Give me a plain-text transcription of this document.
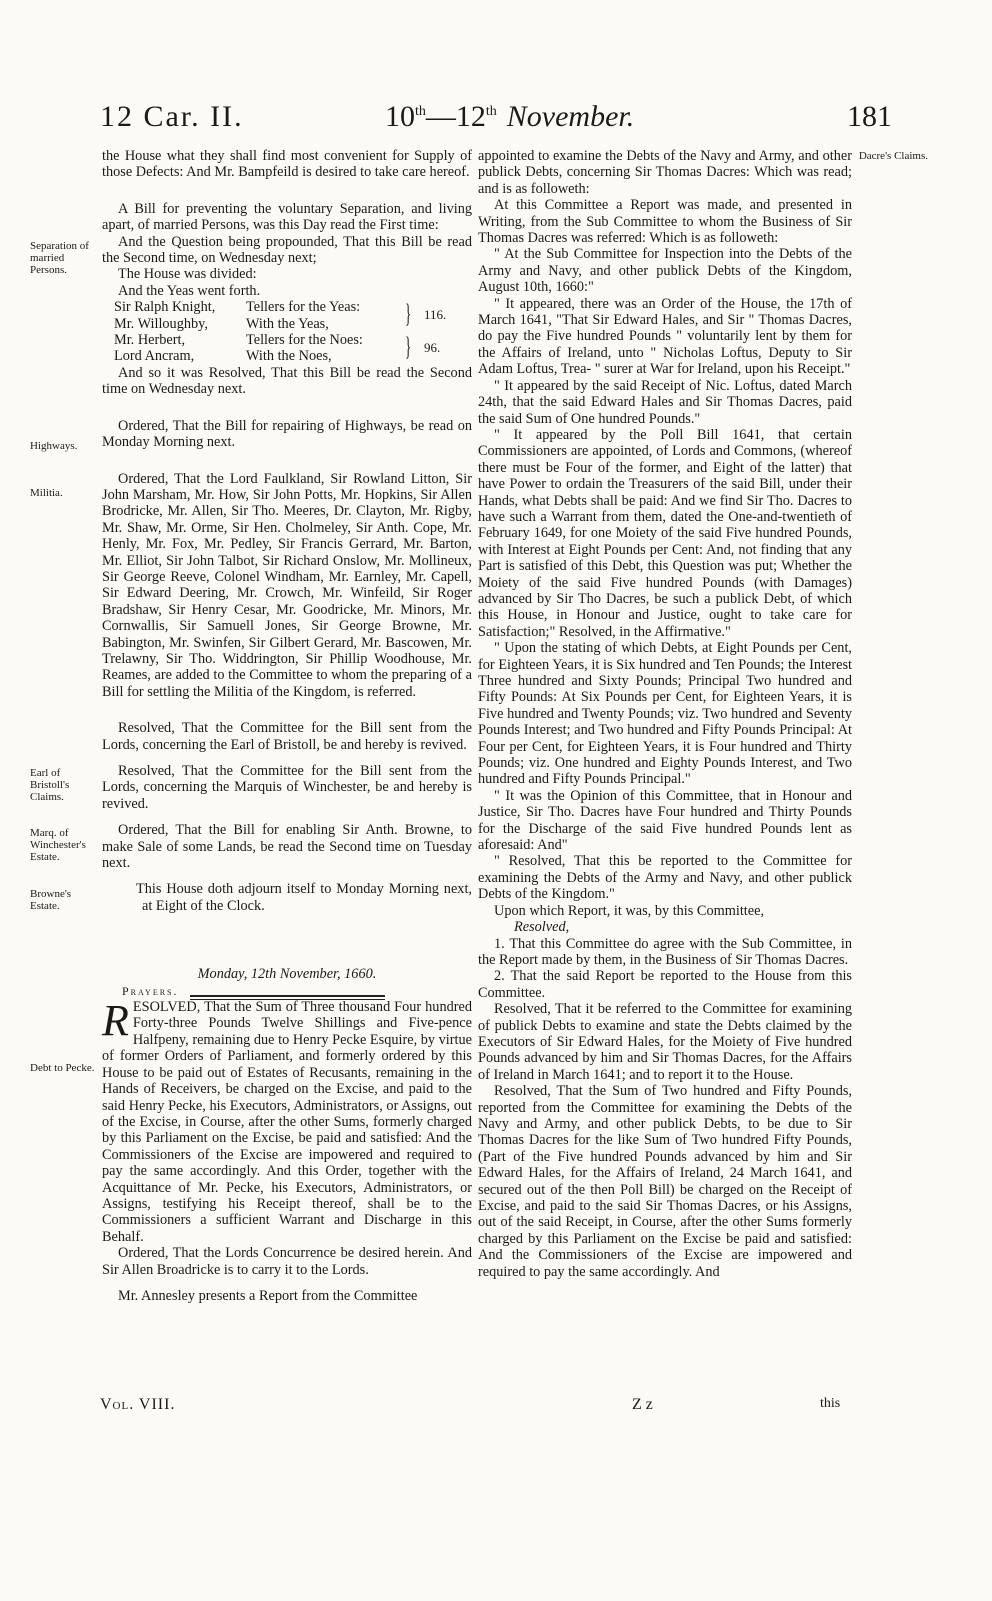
12 Car. II.	10th—12th November.	181
Separation of married Persons.
Highways.
Militia.
Earl of Bristoll's Claims.
Marq. of Winchester's Estate.
Browne's Estate.
Debt to Pecke.
Dacre's Claims.

the House what they shall find most convenient for Supply of those Defects: And Mr. Bampfeild is desired to take care hereof.

A Bill for preventing the voluntary Separation, and living apart, of married Persons, was this Day read the First time:

And the Question being propounded, That this Bill be read the Second time, on Wednesday next;

The House was divided:

And the Yeas went forth.

Sir Ralph Knight,	Tellers for the Yeas:	} 116.
Mr. Willoughby,	With the Yeas,
Mr. Herbert,	Tellers for the Noes:	} 96.
Lord Ancram,	With the Noes,

And so it was Resolved, That this Bill be read the Second time on Wednesday next.

Ordered, That the Bill for repairing of Highways, be read on Monday Morning next.

Ordered, That the Lord Faulkland, Sir Rowland Litton, Sir John Marsham, Mr. How, Sir John Potts, Mr. Hopkins, Sir Allen Brodricke, Mr. Allen, Sir Tho. Meeres, Dr. Clayton, Mr. Rigby, Mr. Shaw, Mr. Orme, Sir Hen. Cholmeley, Sir Anth. Cope, Mr. Henly, Mr. Fox, Mr. Pedley, Sir Francis Gerrard, Mr. Barton, Mr. Elliot, Sir John Talbot, Sir Richard Onslow, Mr. Mollineux, Sir George Reeve, Colonel Windham, Mr. Earnley, Mr. Capell, Sir Edward Deering, Mr. Crowch, Mr. Winfeild, Sir Roger Bradshaw, Sir Henry Cesar, Mr. Goodricke, Mr. Minors, Mr. Cornwallis, Sir Samuell Jones, Sir George Browne, Mr. Babington, Mr. Swinfen, Sir Gilbert Gerard, Mr. Bascowen, Mr. Trelawny, Sir Tho. Widdrington, Sir Phillip Woodhouse, Mr. Reames, are added to the Committee to whom the preparing of a Bill for settling the Militia of the Kingdom, is referred.

Resolved, That the Committee for the Bill sent from the Lords, concerning the Earl of Bristoll, be and hereby is revived.

Resolved, That the Committee for the Bill sent from the Lords, concerning the Marquis of Winchester, be and hereby is revived.

Ordered, That the Bill for enabling Sir Anth. Browne, to make Sale of some Lands, be read the Second time on Tuesday next.

This House doth adjourn itself to Monday Morning next, at Eight of the Clock.

Monday, 12th November, 1660.

Prayers.

RESOLVED, That the Sum of Three thousand Four hundred Forty-three Pounds Twelve Shillings and Five-pence Halfpeny, remaining due to Henry Pecke Esquire, by virtue of former Orders of Parliament, and formerly ordered by this House to be paid out of Estates of Recusants, remaining in the Hands of Receivers, be charged on the Excise, and paid to the said Henry Pecke, his Executors, Administrators, or Assigns, out of the Excise, in Course, after the other Sums, formerly charged by this Parliament on the Excise, be paid and satisfied: And the Commissioners of the Excise are impowered and required to pay the same accordingly. And this Order, together with the Acquittance of Mr. Pecke, his Executors, Administrators, or Assigns, testifying his Receipt thereof, shall be to the Commissioners a sufficient Warrant and Discharge in this Behalf.

Ordered, That the Lords Concurrence be desired herein. And Sir Allen Broadricke is to carry it to the Lords.

Mr. Annesley presents a Report from the Committee

appointed to examine the Debts of the Navy and Army, and other publick Debts, concerning Sir Thomas Dacres: Which was read; and is as followeth:

At this Committee a Report was made, and presented in Writing, from the Sub Committee to whom the Business of Sir Thomas Dacres was referred: Which is as followeth:

" At the Sub Committee for Inspection into the Debts of the Army and Navy, and other publick Debts of the Kingdom, August 10th, 1660:"

" It appeared, there was an Order of the House, the 17th of March 1641, "That Sir Edward Hales, and Sir " Thomas Dacres, do pay the Five hundred Pounds " voluntarily lent by them for the Affairs of Ireland, unto " Nicholas Loftus, Deputy to Sir Adam Loftus, Trea- " surer at War for Ireland, upon his Receipt."

" It appeared by the said Receipt of Nic. Loftus, dated March 24th, that the said Edward Hales and Sir Thomas Dacres, paid the said Sum of One hundred Pounds."

" It appeared by the Poll Bill 1641, that certain Commissioners are appointed, of Lords and Commons, (whereof there must be Four of the former, and Eight of the latter) that have Power to ordain the Treasurers of the said Bill, under their Hands, what Debts shall be paid: And we find Sir Tho. Dacres to have such a Warrant from them, dated the One-and-twentieth of February 1649, for one Moiety of the said Five hundred Pounds, with Interest at Eight Pounds per Cent: And, not finding that any Part is satisfied of this Debt, this Question was put; Whether the Moiety of the said Five hundred Pounds (with Damages) advanced by Sir Tho Dacres, be such a publick Debt, of which this House, in Honour and Justice, ought to take care for Satisfaction;" Resolved, in the Affirmative."

" Upon the stating of which Debts, at Eight Pounds per Cent, for Eighteen Years, it is Six hundred and Ten Pounds; the Interest Three hundred and Sixty Pounds; Principal Two hundred and Fifty Pounds: At Six Pounds per Cent, for Eighteen Years, it is Five hundred and Twenty Pounds; viz. Two hundred and Seventy Pounds Interest; and Two hundred and Fifty Pounds Principal: At Four per Cent, for Eighteen Years, it is Four hundred and Thirty Pounds; viz. One hundred and Eighty Pounds Interest, and Two hundred and Fifty Pounds Principal."

" It was the Opinion of this Committee, that in Honour and Justice, Sir Tho. Dacres have Four hundred and Thirty Pounds for the Discharge of the said Five hundred Pounds lent as aforesaid: And"

" Resolved, That this be reported to the Committee for examining the Debts of the Army and Navy, and other publick Debts of the Kingdom."

Upon which Report, it was, by this Committee,

Resolved,

1. That this Committee do agree with the Sub Committee, in the Report made by them, in the Business of Sir Thomas Dacres.

2. That the said Report be reported to the House from this Committee.

Resolved, That it be referred to the Committee for examining of publick Debts to examine and state the Debts claimed by the Executors of Sir Edward Hales, for the Moiety of Five hundred Pounds advanced by him and Sir Thomas Dacres, for the Affairs of Ireland in March 1641; and to report it to the House.

Resolved, That the Sum of Two hundred and Fifty Pounds, reported from the Committee for examining the Debts of the Navy and Army, and other publick Debts, to be due to Sir Thomas Dacres for the like Sum of Two hundred Fifty Pounds, (Part of the Five hundred Pounds advanced by him and Sir Edward Hales, for the Affairs of Ireland, 24 March 1641, and secured out of the then Poll Bill) be charged on the Receipt of Excise, and paid to the said Sir Thomas Dacres, or his Assigns, out of the said Receipt, in Course, after the other Sums formerly charged by this Parliament on the Excise be paid and satisfied: And the Commissioners of the Excise are impowered and required to pay the same accordingly. And

Vol. VIII.	Z z	this
